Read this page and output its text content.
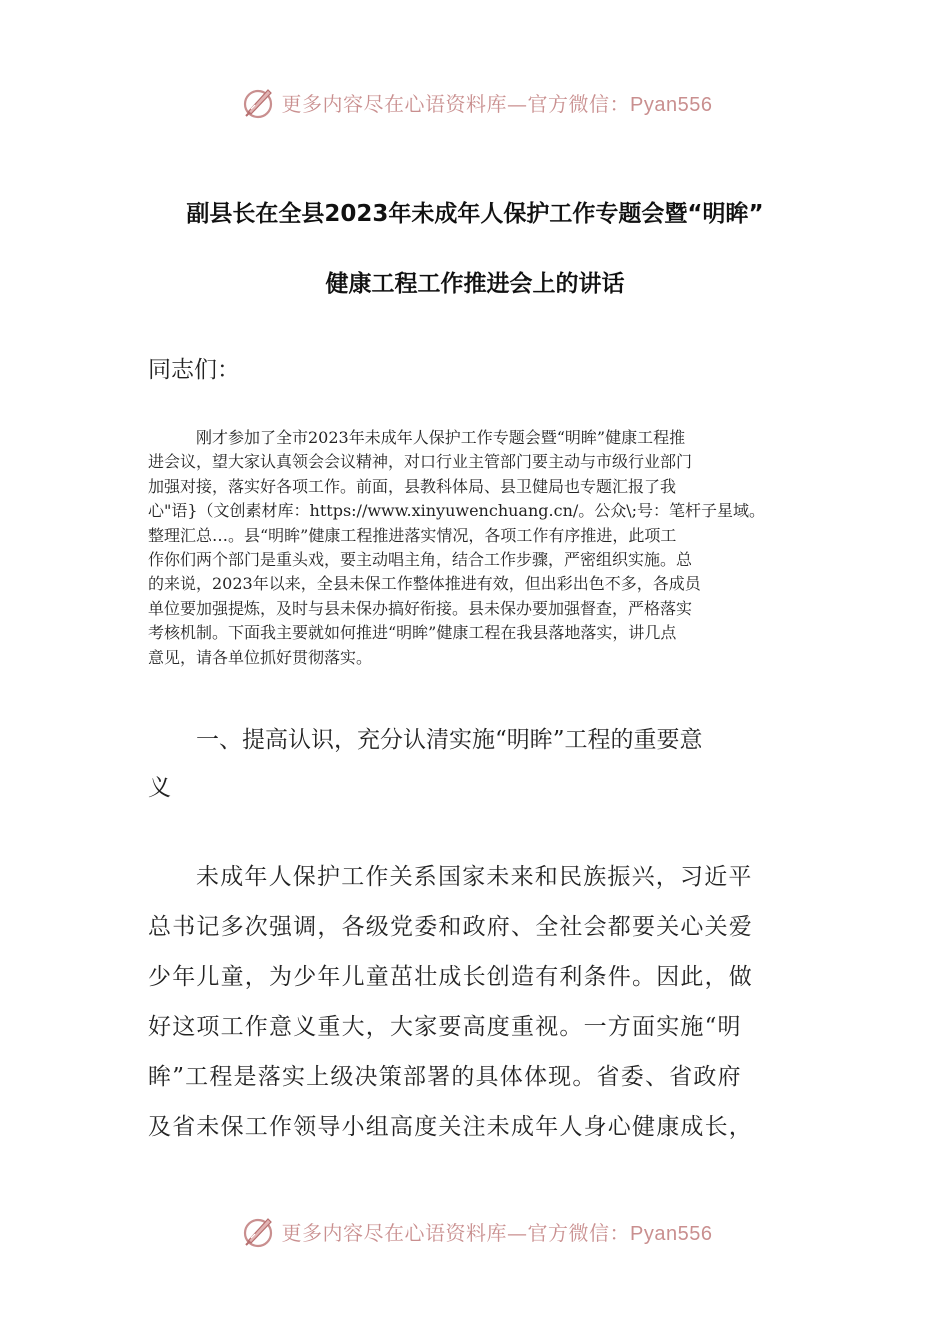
更多内容尽在心语资料库—官方微信：Pyan556
副县长在全县2023年未成年人保护工作专题会暨“明眸”
健康工程工作推进会上的讲话
同志们：
刚才参加了全市2023年未成年人保护工作专题会暨“明眸”健康工程推
进会议，望大家认真领会会议精神，对口行业主管部门要主动与市级行业部门
加强对接，落实好各项工作。前面，县教科体局、县卫健局也专题汇报了我
心"语}（文创素材库：https://www.xinyuwenchuang.cn/。公众\;号：笔杆子星域。
整理汇总…。县“明眸”健康工程推进落实情况，各项工作有序推进，此项工
作你们两个部门是重头戏，要主动唱主角，结合工作步骤，严密组织实施。总
的来说，2023年以来，全县未保工作整体推进有效，但出彩出色不多，各成员
单位要加强提炼，及时与县未保办搞好衔接。县未保办要加强督查，严格落实
考核机制。下面我主要就如何推进“明眸”健康工程在我县落地落实，讲几点
意见，请各单位抓好贯彻落实。
一、提高认识，充分认清实施“明眸”工程的重要意
义
未成年人保护工作关系国家未来和民族振兴，习近平
总书记多次强调，各级党委和政府、全社会都要关心关爱
少年儿童，为少年儿童茁壮成长创造有利条件。因此，做
好这项工作意义重大，大家要高度重视。一方面实施“明
眸”工程是落实上级决策部署的具体体现。省委、省政府
及省未保工作领导小组高度关注未成年人身心健康成长，
更多内容尽在心语资料库—官方微信：Pyan556
